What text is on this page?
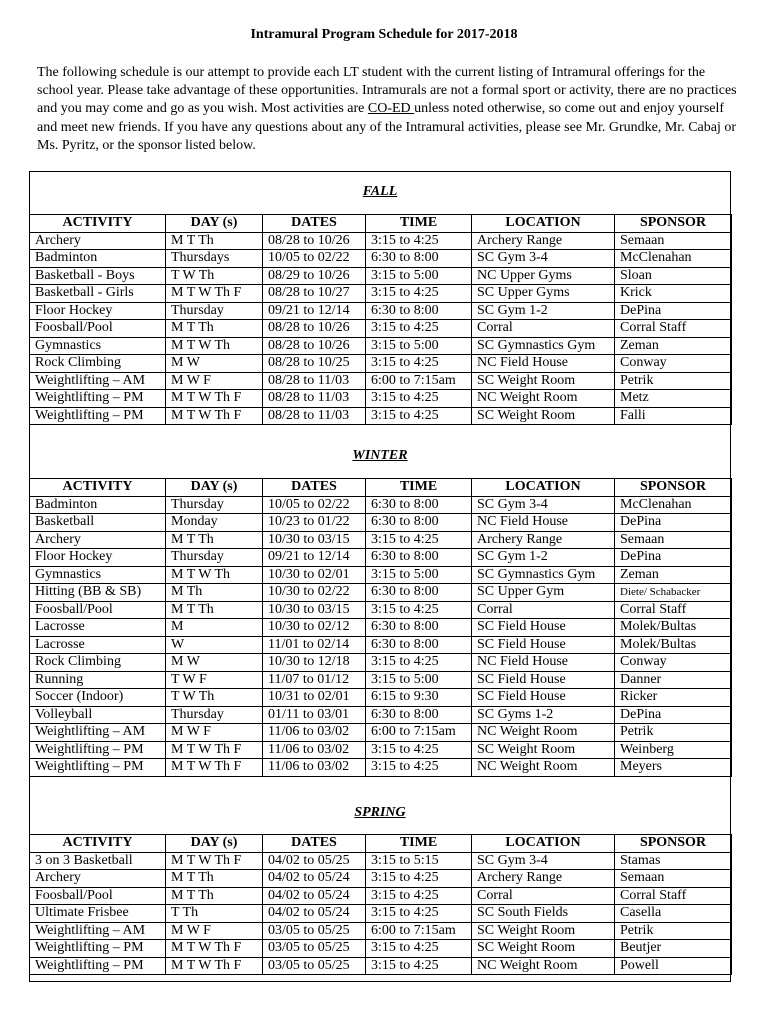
Intramural Program Schedule for 2017-2018

The following schedule is our attempt to provide each LT student with the current listing of Intramural offerings for the school year. Please take advantage of these opportunities. Intramurals are not a formal sport or activity, there are no practices and you may come and go as you wish. Most activities are CO-ED unless noted otherwise, so come out and enjoy yourself and meet new friends. If you have any questions about any of the Intramural activities, please see Mr. Grundke, Mr. Cabaj or Ms. Pyritz, or the sponsor listed below.

FALL
ACTIVITY	DAY (s)	DATES	TIME	LOCATION	SPONSOR
Archery	M T Th	08/28 to 10/26	3:15 to 4:25	Archery Range	Semaan
Badminton	Thursdays	10/05 to 02/22	6:30 to 8:00	SC Gym 3-4	McClenahan
Basketball - Boys	T W Th	08/29 to 10/26	3:15 to 5:00	NC Upper Gyms	Sloan
Basketball - Girls	M T W Th F	08/28 to 10/27	3:15 to 4:25	SC Upper Gyms	Krick
Floor Hockey	Thursday	09/21 to 12/14	6:30 to 8:00	SC Gym 1-2	DePina
Foosball/Pool	M T Th	08/28 to 10/26	3:15 to 4:25	Corral	Corral Staff
Gymnastics	M T W Th	08/28 to 10/26	3:15 to 5:00	SC Gymnastics Gym	Zeman
Rock Climbing	M W	08/28 to 10/25	3:15 to 4:25	NC Field House	Conway
Weightlifting – AM	M W F	08/28 to 11/03	6:00 to 7:15am	SC Weight Room	Petrik
Weightlifting – PM	M T W Th F	08/28 to 11/03	3:15 to 4:25	NC Weight Room	Metz
Weightlifting – PM	M T W Th F	08/28 to 11/03	3:15 to 4:25	SC Weight Room	Falli
WINTER
ACTIVITY	DAY (s)	DATES	TIME	LOCATION	SPONSOR
Badminton	Thursday	10/05 to 02/22	6:30 to 8:00	SC Gym 3-4	McClenahan
Basketball	Monday	10/23 to 01/22	6:30 to 8:00	NC Field House	DePina
Archery	M T Th	10/30 to 03/15	3:15 to 4:25	Archery Range	Semaan
Floor Hockey	Thursday	09/21 to 12/14	6:30 to 8:00	SC Gym 1-2	DePina
Gymnastics	M T W Th	10/30 to 02/01	3:15 to 5:00	SC Gymnastics Gym	Zeman
Hitting (BB & SB)	M Th	10/30 to 02/22	6:30 to 8:00	SC Upper Gym	Diete/ Schabacker
Foosball/Pool	M T Th	10/30 to 03/15	3:15 to 4:25	Corral	Corral Staff
Lacrosse	M	10/30 to 02/12	6:30 to 8:00	SC Field House	Molek/Bultas
Lacrosse	W	11/01 to 02/14	6:30 to 8:00	SC Field House	Molek/Bultas
Rock Climbing	M W	10/30 to 12/18	3:15 to 4:25	NC Field House	Conway
Running	T W F	11/07 to 01/12	3:15 to 5:00	SC Field House	Danner
Soccer (Indoor)	T W Th	10/31 to 02/01	6:15 to 9:30	SC Field House	Ricker
Volleyball	Thursday	01/11 to 03/01	6:30 to 8:00	SC Gyms 1-2	DePina
Weightlifting – AM	M W F	11/06 to 03/02	6:00 to 7:15am	NC Weight Room	Petrik
Weightlifting – PM	M T W Th F	11/06 to 03/02	3:15 to 4:25	SC Weight Room	Weinberg
Weightlifting – PM	M T W Th F	11/06 to 03/02	3:15 to 4:25	NC Weight Room	Meyers
SPRING
ACTIVITY	DAY (s)	DATES	TIME	LOCATION	SPONSOR
3 on 3 Basketball	M T W Th F	04/02 to 05/25	3:15 to 5:15	SC Gym 3-4	Stamas
Archery	M T Th	04/02 to 05/24	3:15 to 4:25	Archery Range	Semaan
Foosball/Pool	M T Th	04/02 to 05/24	3:15 to 4:25	Corral	Corral Staff
Ultimate Frisbee	T Th	04/02 to 05/24	3:15 to 4:25	SC South Fields	Casella
Weightlifting – AM	M W F	03/05 to 05/25	6:00 to 7:15am	SC Weight Room	Petrik
Weightlifting – PM	M T W Th F	03/05 to 05/25	3:15 to 4:25	SC Weight Room	Beutjer
Weightlifting – PM	M T W Th F	03/05 to 05/25	3:15 to 4:25	NC Weight Room	Powell
